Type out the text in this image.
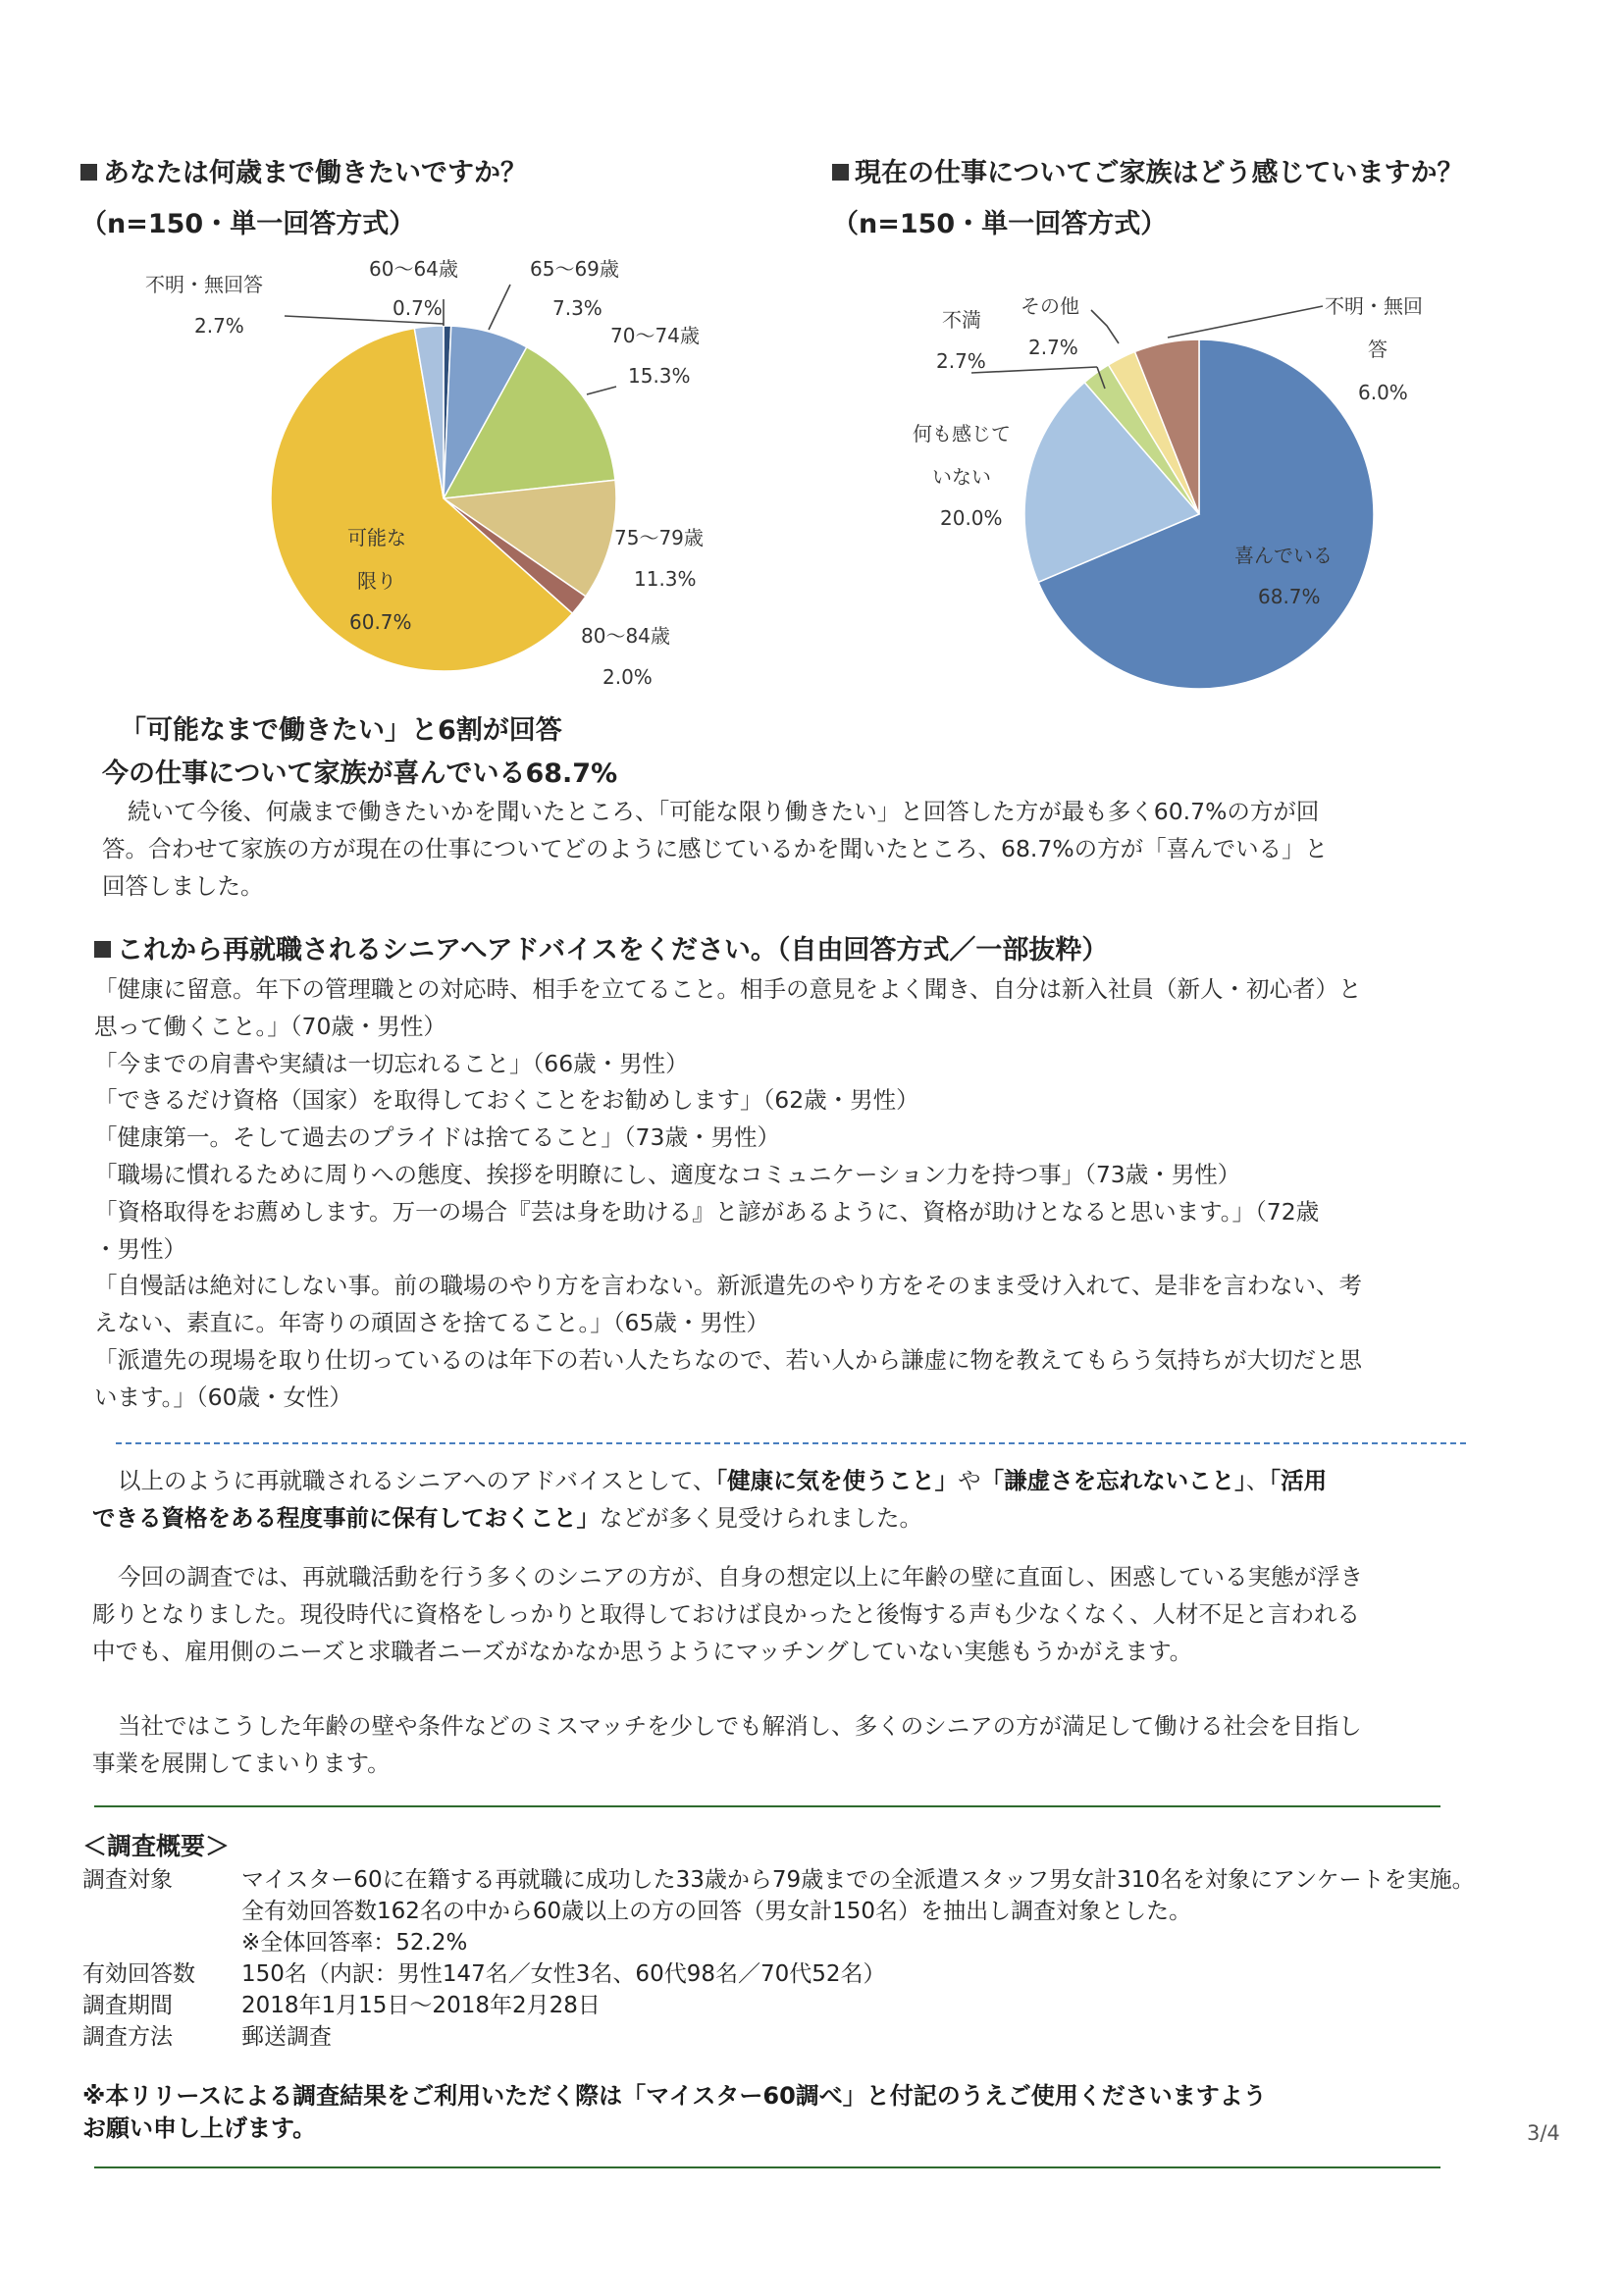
あなたは何歳まで働きたいですか？
（n=150・単一回答方式）
現在の仕事についてご家族はどう感じていますか？
（n=150・単一回答方式）
不明・無回答
2.7%
60〜64歳
0.7%
65〜69歳
7.3%
70〜74歳
15.3%
75〜79歳
11.3%
80〜84歳
2.0%
可能な
限り
60.7%
不満
2.7%
その他
2.7%
不明・無回
答
6.0%
何も感じて
いない
20.0%
喜んでいる
68.7%
「可能なまで働きたい」と6割が回答
今の仕事について家族が喜んでいる68.7%

続いて今後、何歳まで働きたいかを聞いたところ、「可能な限り働きたい」と回答した方が最も多く60.7%の方が回

答。合わせて家族の方が現在の仕事についてどのように感じているかを聞いたところ、68.7%の方が「喜んでいる」と

回答しました。

これから再就職されるシニアへアドバイスをください。（自由回答方式／一部抜粋）
「健康に留意。年下の管理職との対応時、相手を立てること。相手の意見をよく聞き、自分は新入社員（新人・初心者）と
思って働くこと。」（70歳・男性）
「今までの肩書や実績は一切忘れること」（66歳・男性）
「できるだけ資格（国家）を取得しておくことをお勧めします」（62歳・男性）
「健康第一。そして過去のプライドは捨てること」（73歳・男性）
「職場に慣れるために周りへの態度、挨拶を明瞭にし、適度なコミュニケーション力を持つ事」（73歳・男性）
「資格取得をお薦めします。万一の場合『芸は身を助ける』と諺があるように、資格が助けとなると思います。」（72歳
・男性）
「自慢話は絶対にしない事。前の職場のやり方を言わない。新派遣先のやり方をそのまま受け入れて、是非を言わない、考
えない、素直に。年寄りの頑固さを捨てること。」（65歳・男性）
「派遣先の現場を取り仕切っているのは年下の若い人たちなので、若い人から謙虚に物を教えてもらう気持ちが大切だと思
います。」（60歳・女性）
以上のように再就職されるシニアへのアドバイスとして、「健康に気を使うこと」や「謙虚さを忘れないこと」、「活用
できる資格をある程度事前に保有しておくこと」などが多く見受けられました。

今回の調査では、再就職活動を行う多くのシニアの方が、自身の想定以上に年齢の壁に直面し、困惑している実態が浮き

彫りとなりました。現役時代に資格をしっかりと取得しておけば良かったと後悔する声も少なくなく、人材不足と言われる

中でも、雇用側のニーズと求職者ニーズがなかなか思うようにマッチングしていない実態もうかがえます。

当社ではこうした年齢の壁や条件などのミスマッチを少しでも解消し、多くのシニアの方が満足して働ける社会を目指し

事業を展開してまいります。

＜調査概要＞
調査対象	マイスター60に在籍する再就職に成功した33歳から79歳までの全派遣スタッフ男女計310名を対象にアンケートを実施。
全有効回答数162名の中から60歳以上の方の回答（男女計150名）を抽出し調査対象とした。
※全体回答率：52.2%
有効回答数 150名（内訳：男性147名／女性3名、60代98名／70代52名）
調査期間	2018年1月15日〜2018年2月28日
調査方法	郵送調査
※本リリースによる調査結果をご利用いただく際は「マイスター60調べ」と付記のうえご使用くださいますよう
お願い申し上げます。	3/4
